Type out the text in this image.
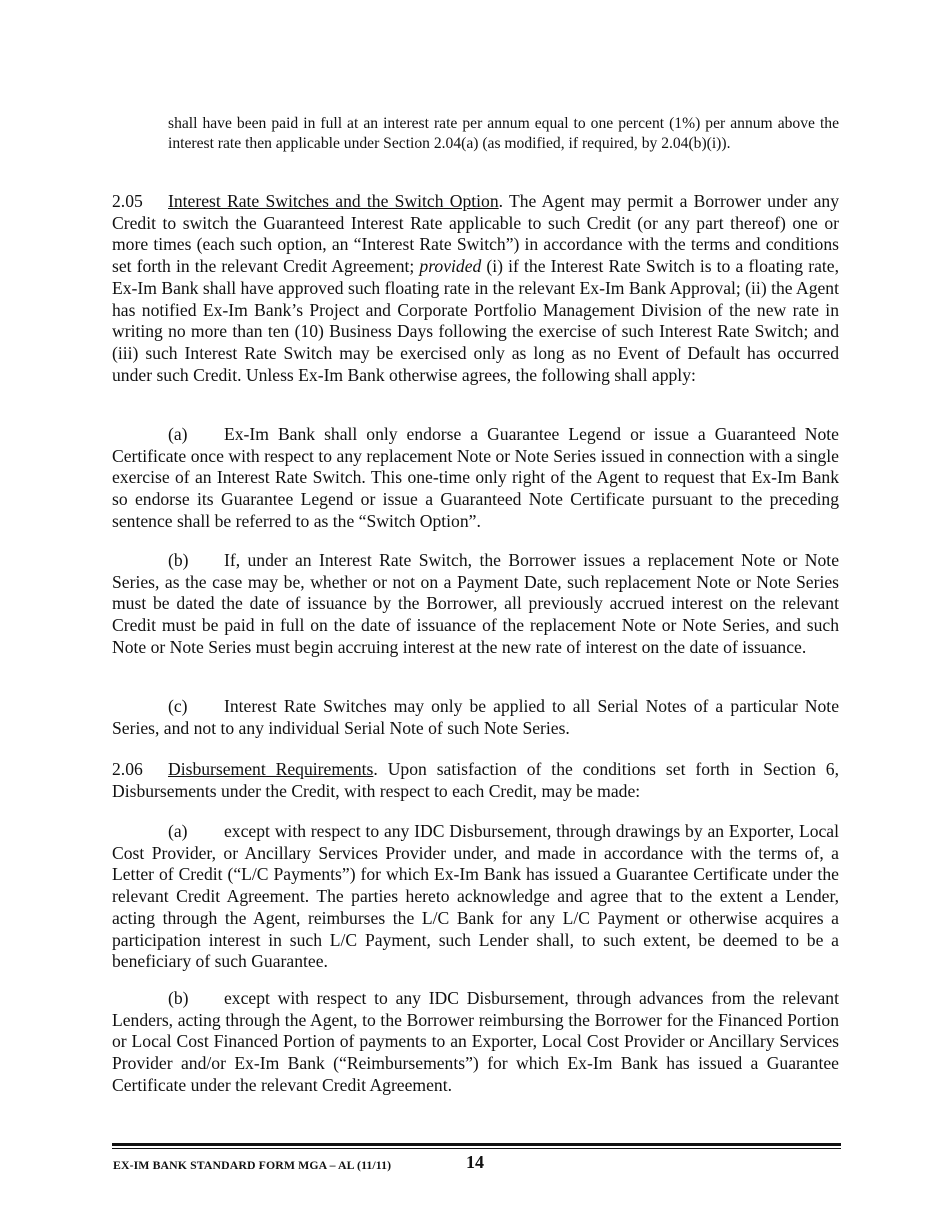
shall have been paid in full at an interest rate per annum equal to one percent (1%) per annum above the interest rate then applicable under Section 2.04(a) (as modified, if required, by 2.04(b)(i)).

2.05 Interest Rate Switches and the Switch Option. The Agent may permit a Borrower under any Credit to switch the Guaranteed Interest Rate applicable to such Credit (or any part thereof) one or more times (each such option, an “Interest Rate Switch”) in accordance with the terms and conditions set forth in the relevant Credit Agreement; provided (i) if the Interest Rate Switch is to a floating rate, Ex-Im Bank shall have approved such floating rate in the relevant Ex-Im Bank Approval; (ii) the Agent has notified Ex-Im Bank’s Project and Corporate Portfolio Management Division of the new rate in writing no more than ten (10) Business Days following the exercise of such Interest Rate Switch; and (iii) such Interest Rate Switch may be exercised only as long as no Event of Default has occurred under such Credit. Unless Ex-Im Bank otherwise agrees, the following shall apply:

(a) Ex-Im Bank shall only endorse a Guarantee Legend or issue a Guaranteed Note Certificate once with respect to any replacement Note or Note Series issued in connection with a single exercise of an Interest Rate Switch. This one-time only right of the Agent to request that Ex-Im Bank so endorse its Guarantee Legend or issue a Guaranteed Note Certificate pursuant to the preceding sentence shall be referred to as the “Switch Option”.

(b) If, under an Interest Rate Switch, the Borrower issues a replacement Note or Note Series, as the case may be, whether or not on a Payment Date, such replacement Note or Note Series must be dated the date of issuance by the Borrower, all previously accrued interest on the relevant Credit must be paid in full on the date of issuance of the replacement Note or Note Series, and such Note or Note Series must begin accruing interest at the new rate of interest on the date of issuance.

(c) Interest Rate Switches may only be applied to all Serial Notes of a particular Note Series, and not to any individual Serial Note of such Note Series.

2.06 Disbursement Requirements. Upon satisfaction of the conditions set forth in Section 6, Disbursements under the Credit, with respect to each Credit, may be made:

(a) except with respect to any IDC Disbursement, through drawings by an Exporter, Local Cost Provider, or Ancillary Services Provider under, and made in accordance with the terms of, a Letter of Credit (“L/C Payments”) for which Ex-Im Bank has issued a Guarantee Certificate under the relevant Credit Agreement. The parties hereto acknowledge and agree that to the extent a Lender, acting through the Agent, reimburses the L/C Bank for any L/C Payment or otherwise acquires a participation interest in such L/C Payment, such Lender shall, to such extent, be deemed to be a beneficiary of such Guarantee.

(b) except with respect to any IDC Disbursement, through advances from the relevant Lenders, acting through the Agent, to the Borrower reimbursing the Borrower for the Financed Portion or Local Cost Financed Portion of payments to an Exporter, Local Cost Provider or Ancillary Services Provider and/or Ex-Im Bank (“Reimbursements”) for which Ex-Im Bank has issued a Guarantee Certificate under the relevant Credit Agreement.

EX-IM BANK STANDARD FORM MGA – AL (11/11)	14
